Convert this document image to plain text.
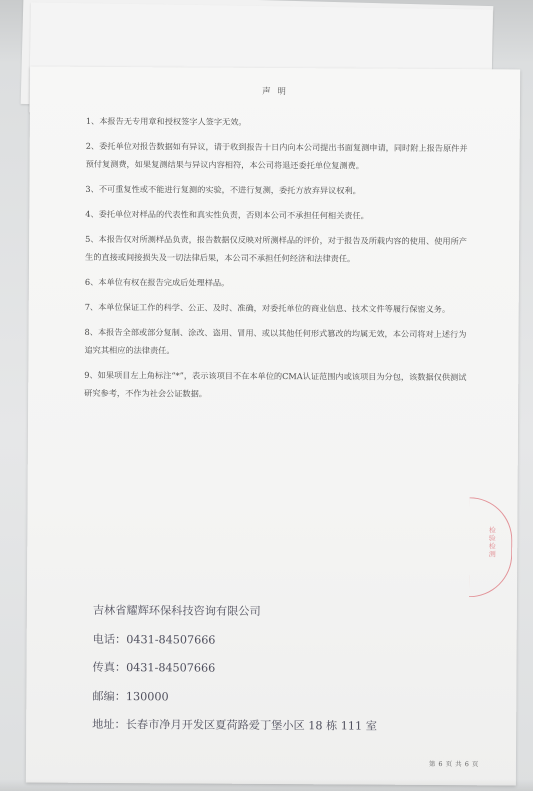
声 明
1、本报告无专用章和授权签字人签字无效。
2、委托单位对报告数据如有异议，请于收到报告十日内向本公司提出书面复测申请，同时附上报告原件并预付复测费，如果复测结果与异议内容相符，本公司将退还委托单位复测费。
3、不可重复性或不能进行复测的实验，不进行复测，委托方放弃异议权利。
4、委托单位对样品的代表性和真实性负责，否则本公司不承担任何相关责任。
5、本报告仅对所测样品负责，报告数据仅反映对所测样品的评价，对于报告及所载内容的使用、使用所产生的直接或间接损失及一切法律后果，本公司不承担任何经济和法律责任。
6、本单位有权在报告完成后处理样品。
7、本单位保证工作的科学、公正、及时、准确，对委托单位的商业信息、技术文件等履行保密义务。
8、本报告全部或部分复制、涂改、盗用、冒用、或以其他任何形式篡改的均属无效，本公司将对上述行为追究其相应的法律责任。
9、如果项目左上角标注“*”，表示该项目不在本单位的CMA认证范围内或该项目为分包，该数据仅供测试研究参考，不作为社会公证数据。
检验检测
吉林省耀辉环保科技咨询有限公司
电话：0431-84507666
传真：0431-84507666
邮编：130000
地址：长春市净月开发区夏荷路爱丁堡小区 18 栋 111 室
第 6 页 共 6 页
